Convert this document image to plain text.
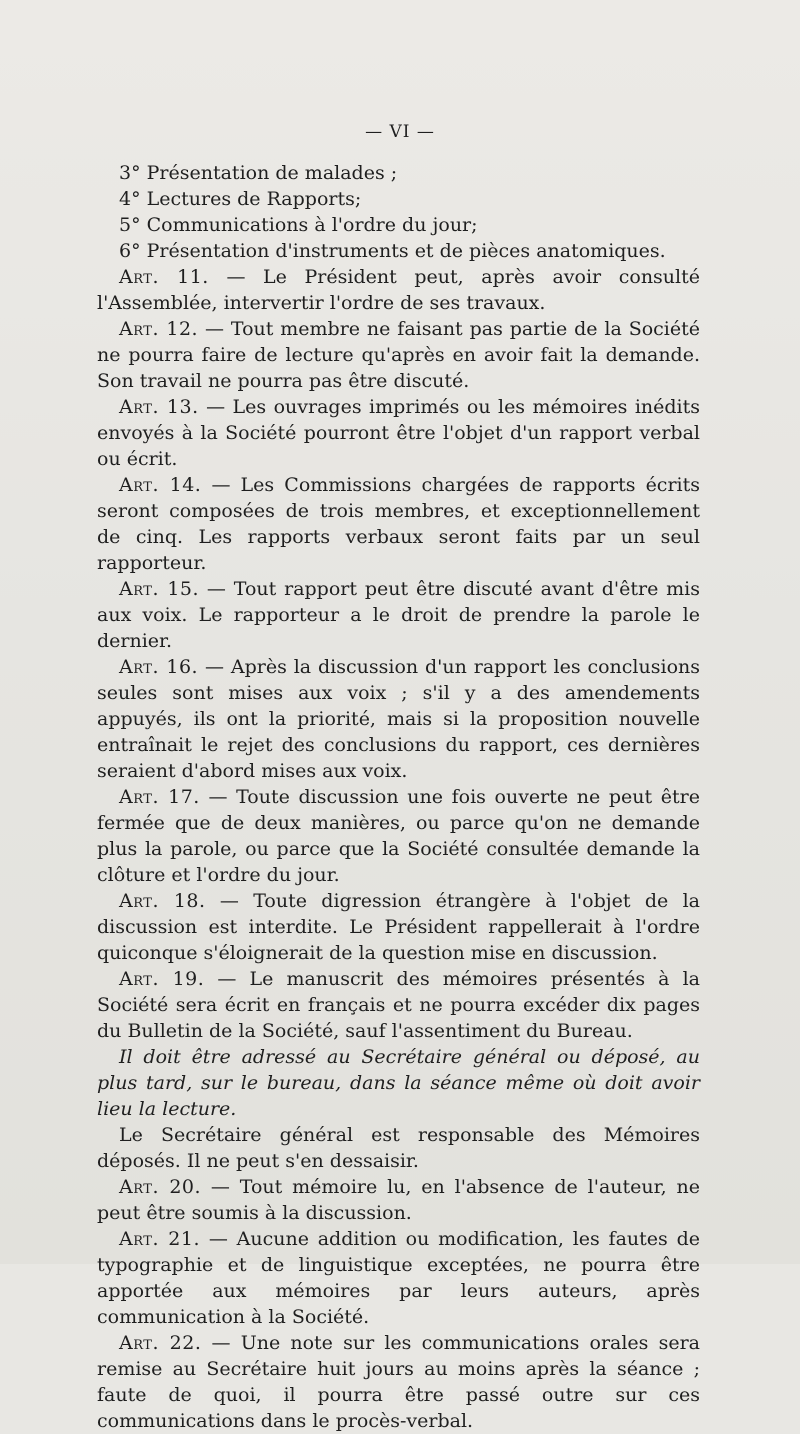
— VI —
3° Présentation de malades ;
4° Lectures de Rapports;
5° Communications à l'ordre du jour;
6° Présentation d'instruments et de pièces anatomiques.

Art. 11. — Le Président peut, après avoir consulté l'Assemblée, intervertir l'ordre de ses travaux.

Art. 12. — Tout membre ne faisant pas partie de la Société ne pourra faire de lecture qu'après en avoir fait la demande. Son travail ne pourra pas être discuté.

Art. 13. — Les ouvrages imprimés ou les mémoires inédits envoyés à la Société pourront être l'objet d'un rapport verbal ou écrit.

Art. 14. — Les Commissions chargées de rapports écrits seront composées de trois membres, et exceptionnellement de cinq. Les rapports verbaux seront faits par un seul rapporteur.

Art. 15. — Tout rapport peut être discuté avant d'être mis aux voix. Le rapporteur a le droit de prendre la parole le dernier.

Art. 16. — Après la discussion d'un rapport les conclusions seules sont mises aux voix ; s'il y a des amendements appuyés, ils ont la priorité, mais si la proposition nouvelle entraînait le rejet des conclusions du rapport, ces dernières seraient d'abord mises aux voix.

Art. 17. — Toute discussion une fois ouverte ne peut être fermée que de deux manières, ou parce qu'on ne demande plus la parole, ou parce que la Société consultée demande la clôture et l'ordre du jour.

Art. 18. — Toute digression étrangère à l'objet de la discussion est interdite. Le Président rappellerait à l'ordre quiconque s'éloignerait de la question mise en discussion.

Art. 19. — Le manuscrit des mémoires présentés à la Société sera écrit en français et ne pourra excéder dix pages du Bulletin de la Société, sauf l'assentiment du Bureau.

Il doit être adressé au Secrétaire général ou déposé, au plus tard, sur le bureau, dans la séance même où doit avoir lieu la lecture.

Le Secrétaire général est responsable des Mémoires déposés. Il ne peut s'en dessaisir.

Art. 20. — Tout mémoire lu, en l'absence de l'auteur, ne peut être soumis à la discussion.

Art. 21. — Aucune addition ou modification, les fautes de typographie et de linguistique exceptées, ne pourra être apportée aux mémoires par leurs auteurs, après communication à la Société.

Art. 22. — Une note sur les communications orales sera remise au Secrétaire huit jours au moins après la séance ; faute de quoi, il pourra être passé outre sur ces communications dans le procès-verbal.
